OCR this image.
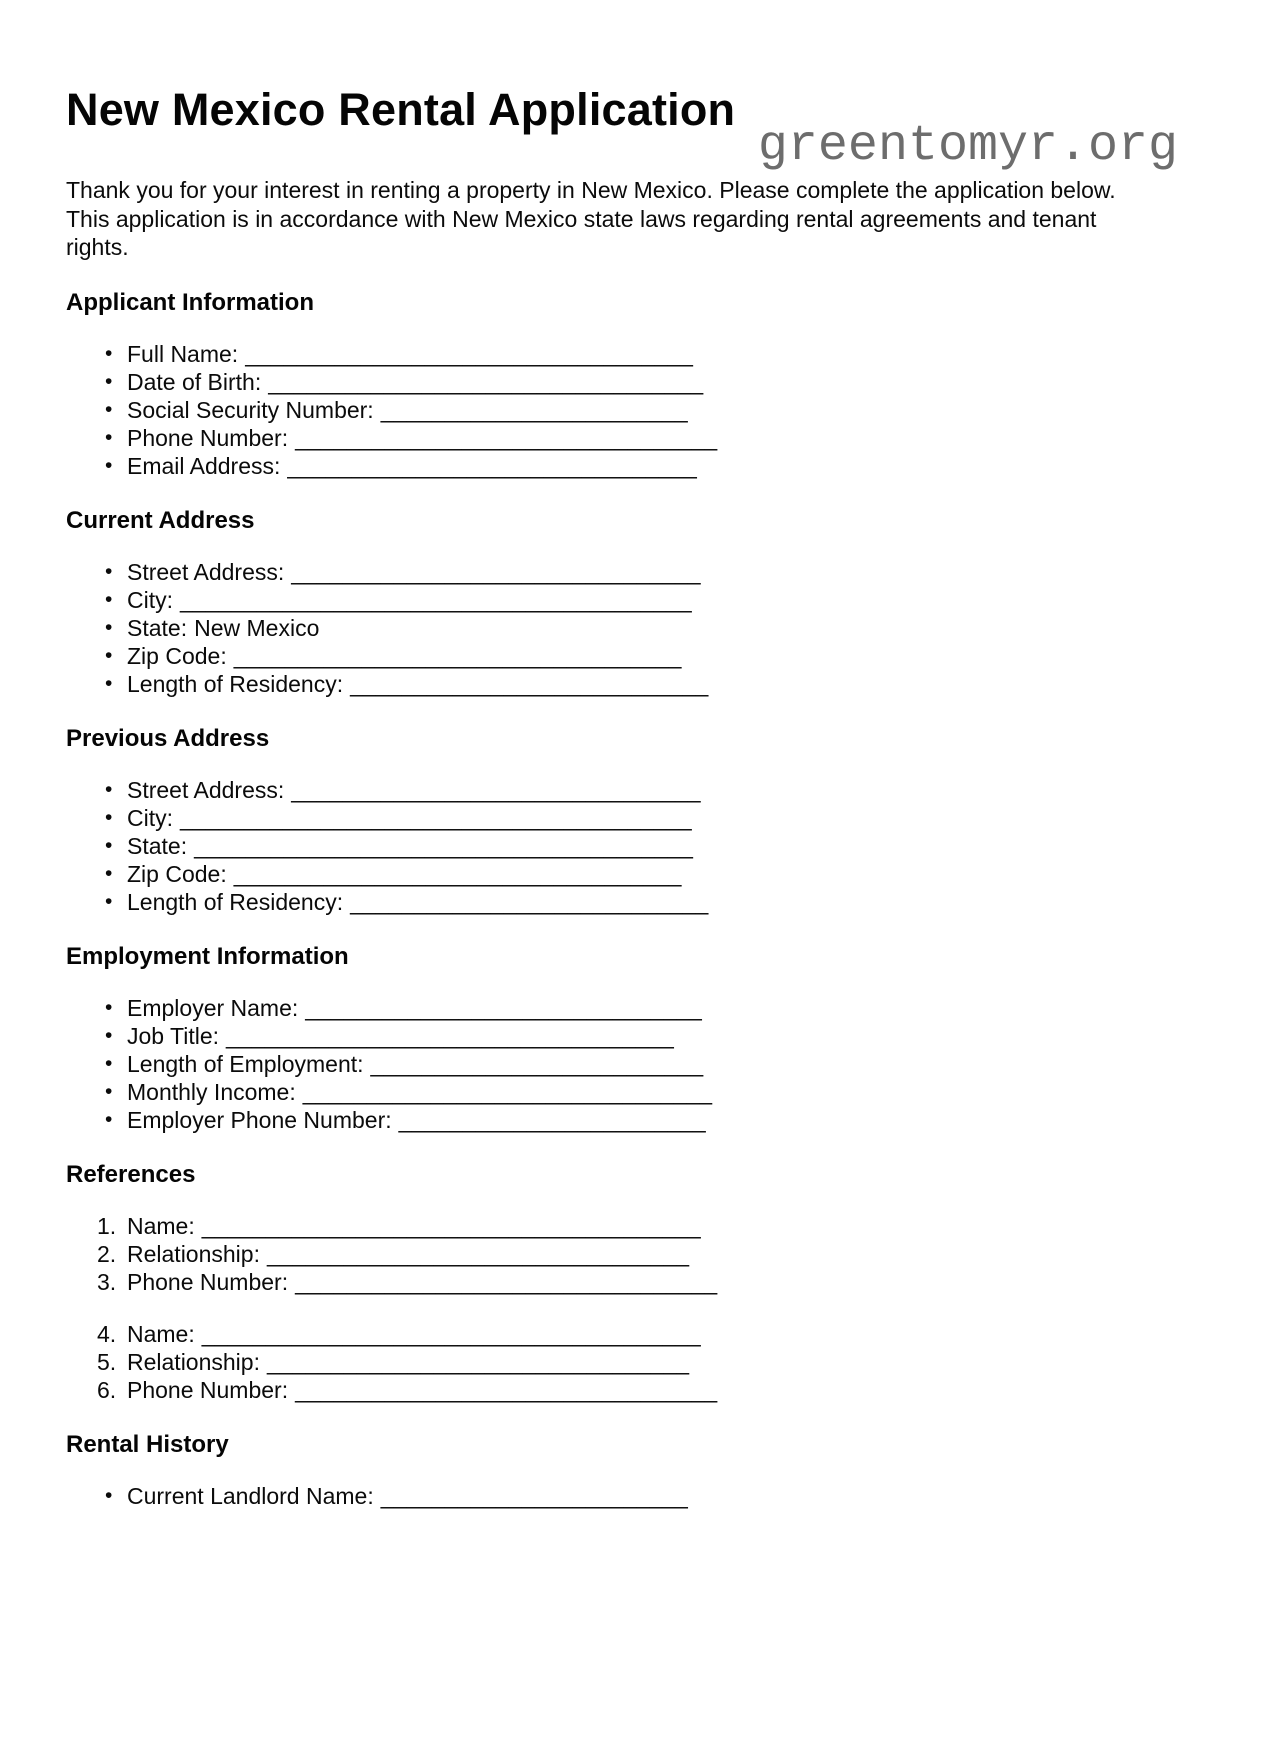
greentomyr.org
New Mexico Rental Application

Thank you for your interest in renting a property in New Mexico. Please complete the application below. This application is in accordance with New Mexico state laws regarding rental agreements and tenant rights.

Applicant Information
• Full Name: ___________________________________
• Date of Birth: __________________________________
• Social Security Number: ________________________
• Phone Number: _________________________________
• Email Address: ________________________________
Current Address
• Street Address: ________________________________
• City: ________________________________________
• State: New Mexico
• Zip Code: ___________________________________
• Length of Residency: ____________________________
Previous Address
• Street Address: ________________________________
• City: ________________________________________
• State: _______________________________________
• Zip Code: ___________________________________
• Length of Residency: ____________________________
Employment Information
• Employer Name: _______________________________
• Job Title: ___________________________________
• Length of Employment: __________________________
• Monthly Income: ________________________________
• Employer Phone Number: ________________________
References
1. Name: _______________________________________
2. Relationship: _________________________________
3. Phone Number: _________________________________
4. Name: _______________________________________
5. Relationship: _________________________________
6. Phone Number: _________________________________
Rental History
• Current Landlord Name: ________________________
